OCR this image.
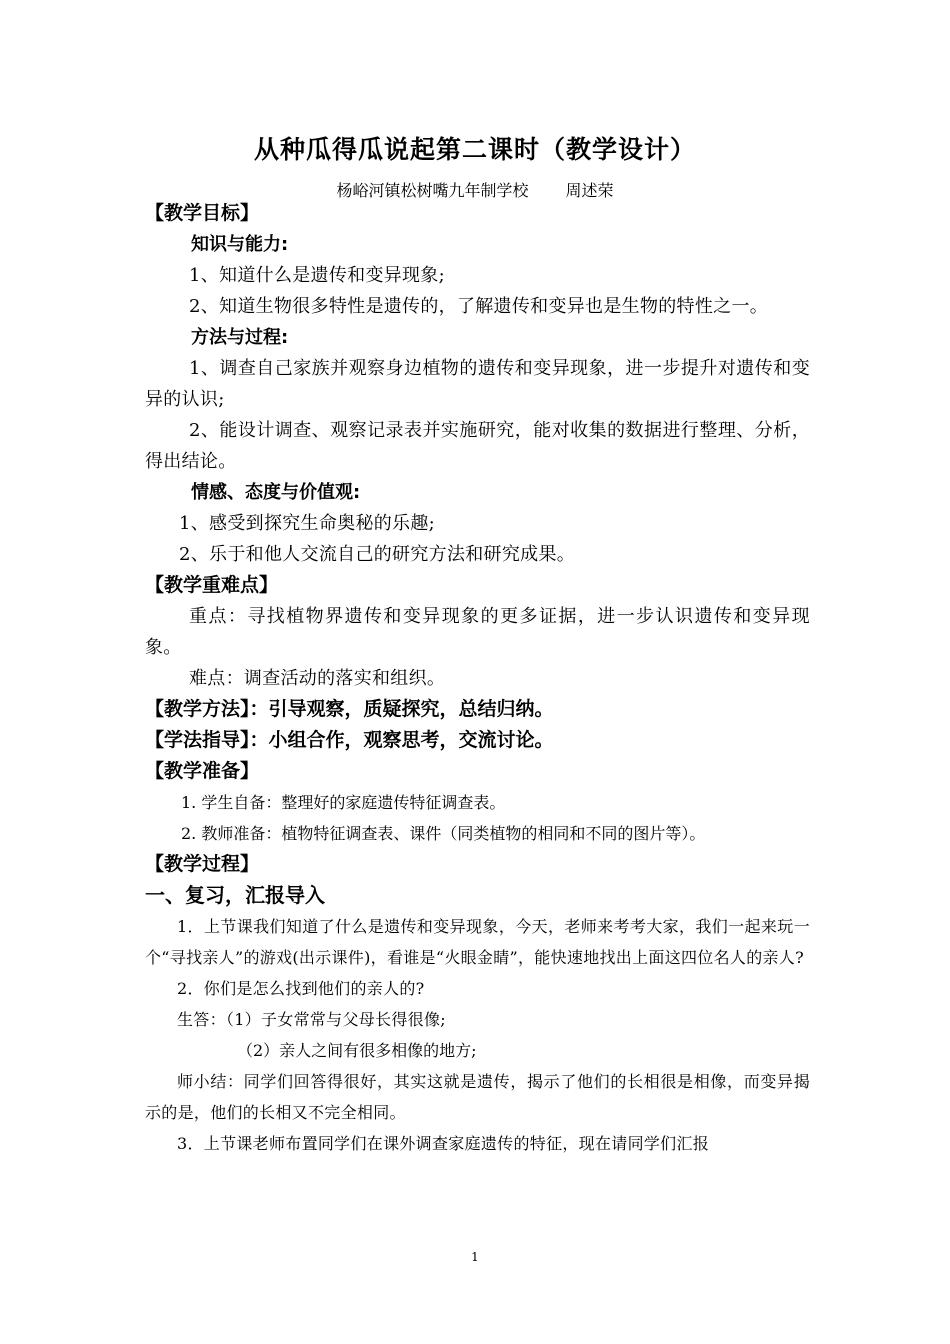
从种瓜得瓜说起第二课时（教学设计）
杨峪河镇松树嘴九年制学校 周述荣

【教学目标】

知识与能力:

1、知道什么是遗传和变异现象;

2、知道生物很多特性是遗传的，了解遗传和变异也是生物的特性之一。

方法与过程:

1、调查自己家族并观察身边植物的遗传和变异现象，进一步提升对遗传和变异的认识;

2、能设计调查、观察记录表并实施研究，能对收集的数据进行整理、分析，得出结论。

情感、态度与价值观:

1、感受到探究生命奥秘的乐趣;

2、乐于和他人交流自己的研究方法和研究成果。

【教学重难点】

重点：寻找植物界遗传和变异现象的更多证据，进一步认识遗传和变异现象。

难点：调查活动的落实和组织。

【教学方法】：引导观察，质疑探究，总结归纳。

【学法指导】：小组合作，观察思考，交流讨论。

【教学准备】

1. 学生自备：整理好的家庭遗传特征调查表。

2. 教师准备：植物特征调查表、课件（同类植物的相同和不同的图片等）。

【教学过程】

一、复习，汇报导入

1．上节课我们知道了什么是遗传和变异现象，今天，老师来考考大家，我们一起来玩一个“寻找亲人”的游戏(出示课件)，看谁是“火眼金睛”，能快速地找出上面这四位名人的亲人?

2．你们是怎么找到他们的亲人的?

生答：（1）子女常常与父母长得很像;

（2）亲人之间有很多相像的地方;

师小结：同学们回答得很好，其实这就是遗传，揭示了他们的长相很是相像，而变异揭示的是，他们的长相又不完全相同。

3．上节课老师布置同学们在课外调查家庭遗传的特征，现在请同学们汇报

1
